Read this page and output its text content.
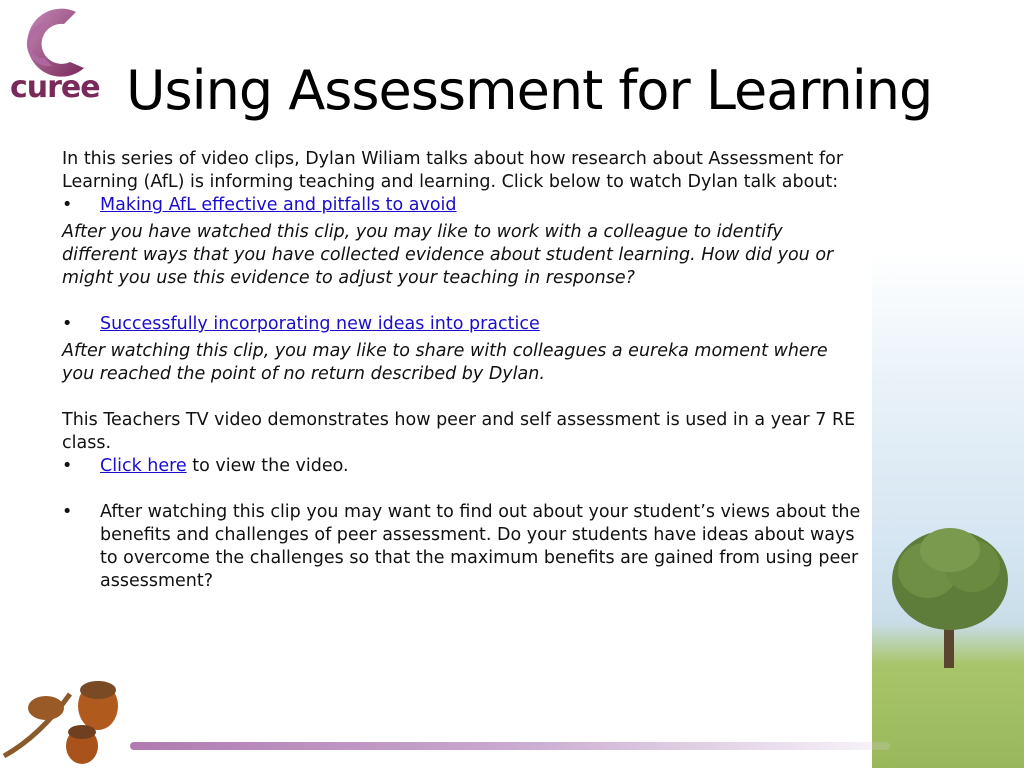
curee Using Assessment for Learning

In this series of video clips, Dylan Wiliam talks about how research about Assessment for Learning (AfL) is informing teaching and learning. Click below to watch Dylan talk about:

•	Making AfL effective and pitfalls to avoid

After you have watched this clip, you may like to work with a colleague to identify different ways that you have collected evidence about student learning. How did you or might you use this evidence to adjust your teaching in response?

•	Successfully incorporating new ideas into practice

After watching this clip, you may like to share with colleagues a eureka moment where you reached the point of no return described by Dylan.

This Teachers TV video demonstrates how peer and self assessment is used in a year 7 RE class.

•	Click here to view the video.
•	After watching this clip you may want to find out about your student’s views about the benefits and challenges of peer assessment. Do your students have ideas about ways to overcome the challenges so that the maximum benefits are gained from using peer assessment?
